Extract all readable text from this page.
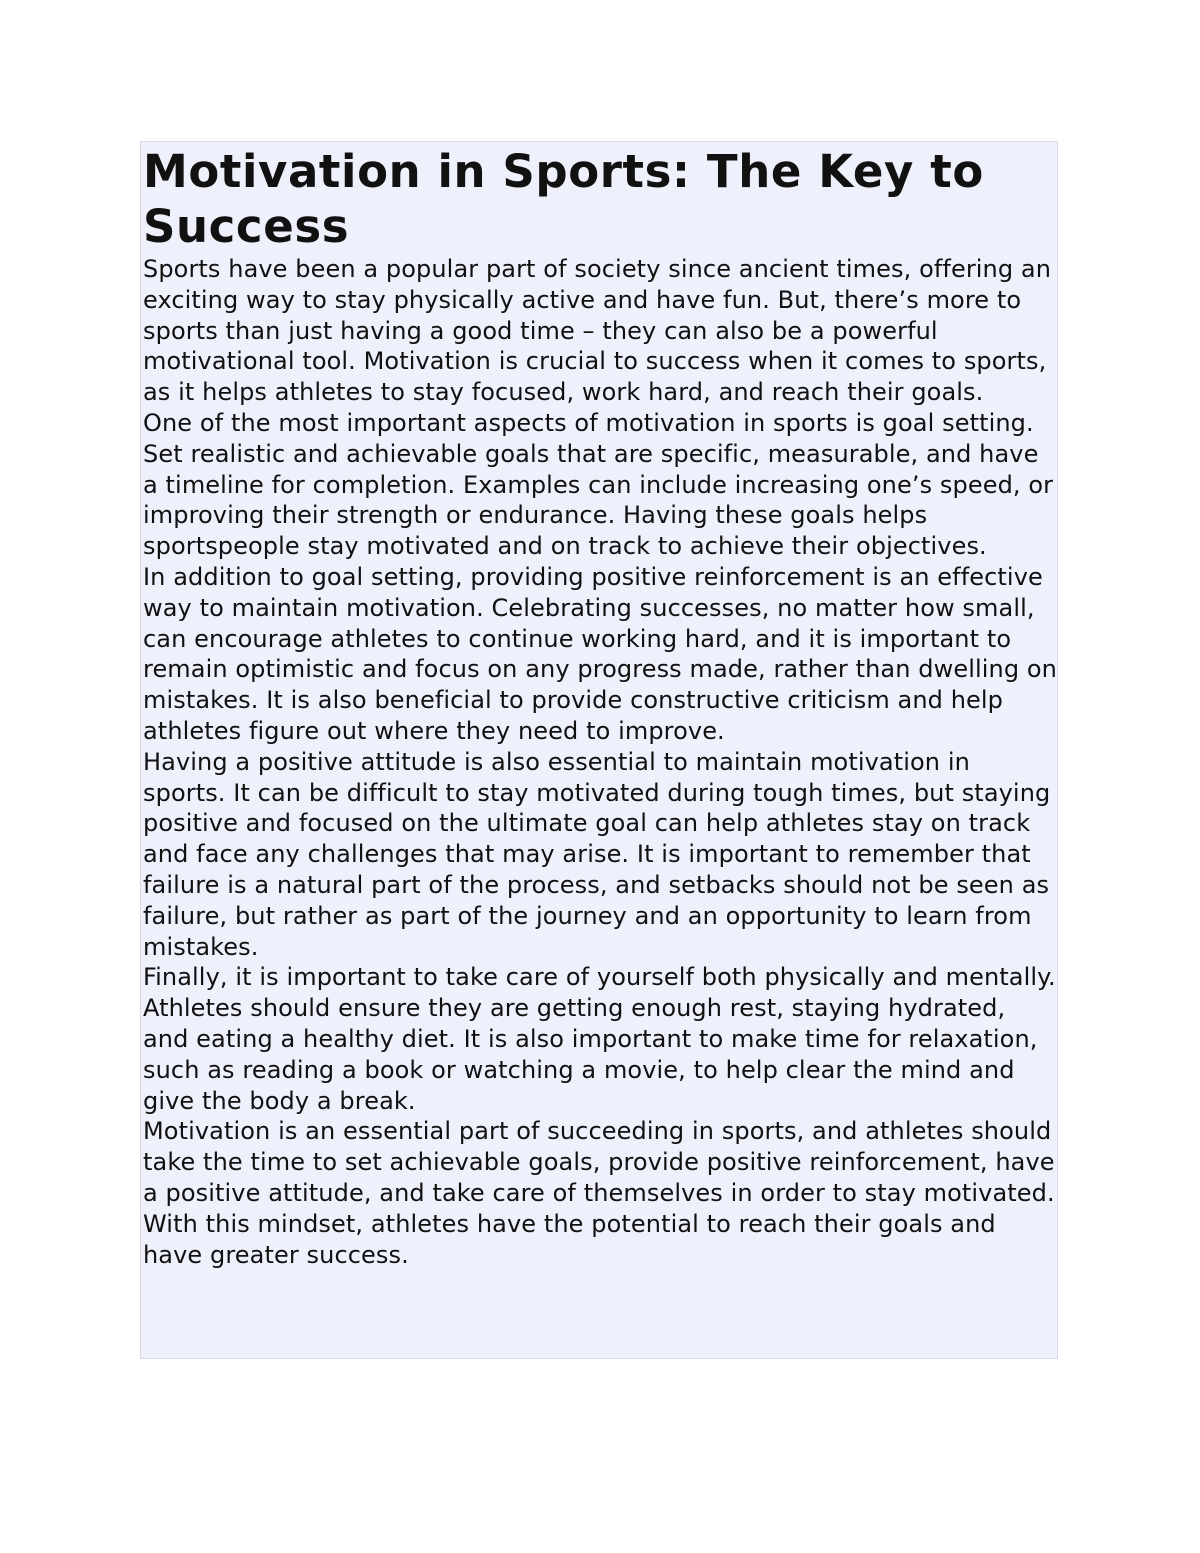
Motivation in Sports: The Key to Success

Sports have been a popular part of society since ancient times, offering an exciting way to stay physically active and have fun. But, there’s more to sports than just having a good time – they can also be a powerful motivational tool. Motivation is crucial to success when it comes to sports, as it helps athletes to stay focused, work hard, and reach their goals.

One of the most important aspects of motivation in sports is goal setting. Set realistic and achievable goals that are specific, measurable, and have a timeline for completion. Examples can include increasing one’s speed, or improving their strength or endurance. Having these goals helps sportspeople stay motivated and on track to achieve their objectives.

In addition to goal setting, providing positive reinforcement is an effective way to maintain motivation. Celebrating successes, no matter how small, can encourage athletes to continue working hard, and it is important to remain optimistic and focus on any progress made, rather than dwelling on mistakes. It is also beneficial to provide constructive criticism and help athletes figure out where they need to improve.

Having a positive attitude is also essential to maintain motivation in sports. It can be difficult to stay motivated during tough times, but staying positive and focused on the ultimate goal can help athletes stay on track and face any challenges that may arise. It is important to remember that failure is a natural part of the process, and setbacks should not be seen as failure, but rather as part of the journey and an opportunity to learn from mistakes.

Finally, it is important to take care of yourself both physically and mentally. Athletes should ensure they are getting enough rest, staying hydrated, and eating a healthy diet. It is also important to make time for relaxation, such as reading a book or watching a movie, to help clear the mind and give the body a break.

Motivation is an essential part of succeeding in sports, and athletes should take the time to set achievable goals, provide positive reinforcement, have a positive attitude, and take care of themselves in order to stay motivated. With this mindset, athletes have the potential to reach their goals and have greater success.
